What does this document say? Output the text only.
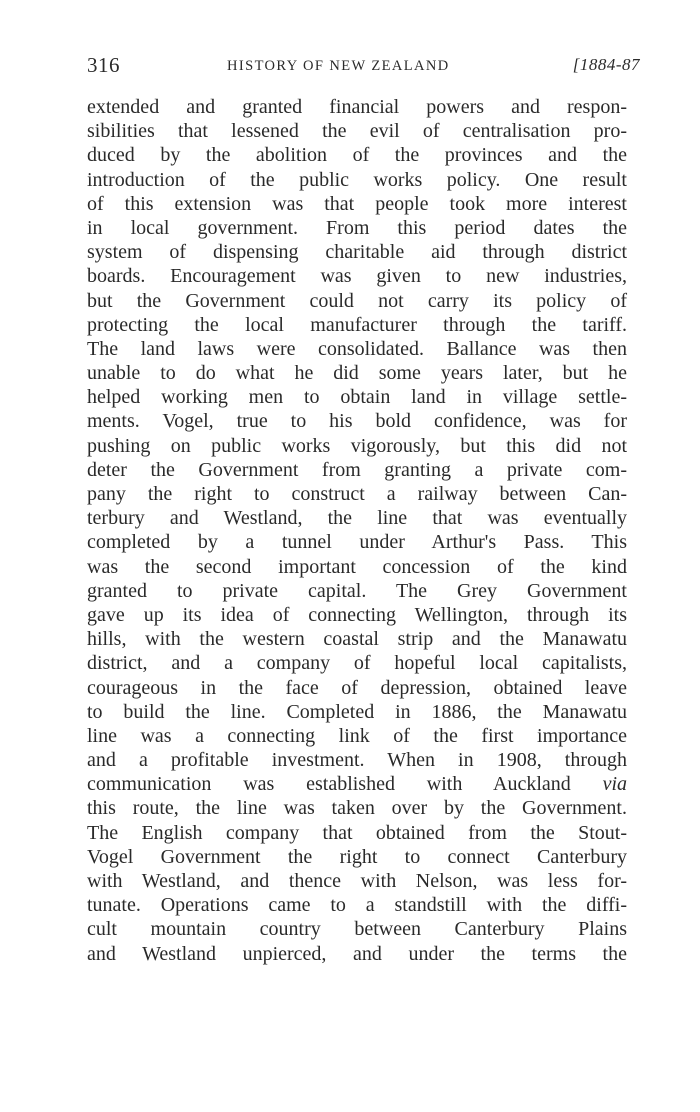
316	HISTORY OF NEW ZEALAND	[1884-87
extended and granted financial powers and respon-
sibilities that lessened the evil of centralisation pro-
duced by the abolition of the provinces and the
introduction of the public works policy. One result
of this extension was that people took more interest
in local government. From this period dates the
system of dispensing charitable aid through district
boards. Encouragement was given to new industries,
but the Government could not carry its policy of
protecting the local manufacturer through the tariff.
The land laws were consolidated. Ballance was then
unable to do what he did some years later, but he
helped working men to obtain land in village settle-
ments. Vogel, true to his bold confidence, was for
pushing on public works vigorously, but this did not
deter the Government from granting a private com-
pany the right to construct a railway between Can-
terbury and Westland, the line that was eventually
completed by a tunnel under Arthur's Pass. This
was the second important concession of the kind
granted to private capital. The Grey Government
gave up its idea of connecting Wellington, through its
hills, with the western coastal strip and the Manawatu
district, and a company of hopeful local capitalists,
courageous in the face of depression, obtained leave
to build the line. Completed in 1886, the Manawatu
line was a connecting link of the first importance
and a profitable investment. When in 1908, through
communication was established with Auckland via
this route, the line was taken over by the Government.
The English company that obtained from the Stout-
Vogel Government the right to connect Canterbury
with Westland, and thence with Nelson, was less for-
tunate. Operations came to a standstill with the diffi-
cult mountain country between Canterbury Plains
and Westland unpierced, and under the terms the
